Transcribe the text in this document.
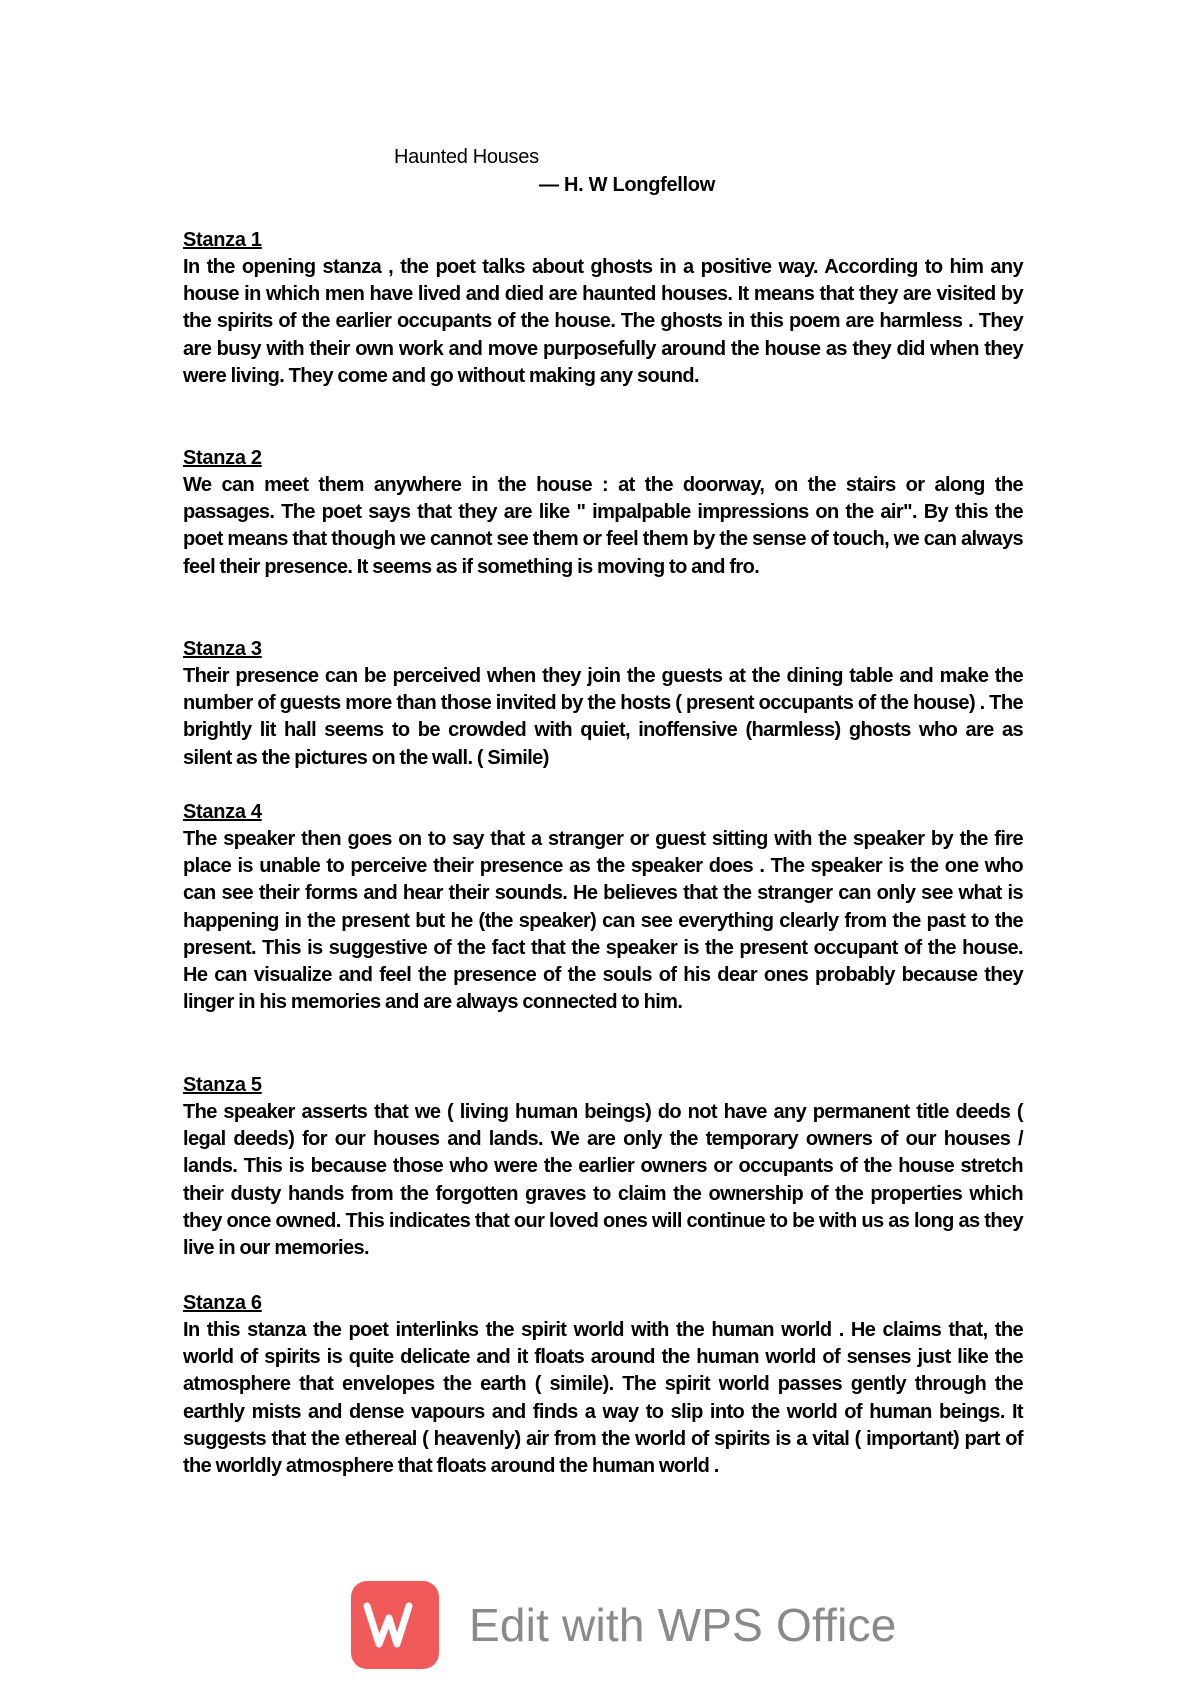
Haunted Houses
— H. W Longfellow
Stanza 1

In the opening stanza , the poet talks about ghosts in a positive way. According to him any house in which men have lived and died are haunted houses. It means that they are visited by the spirits of the earlier occupants of the house. The ghosts in this poem are harmless . They are busy with their own work and move purposefully around the house as they did when they were living. They come and go without making any sound.

Stanza 2

We can meet them anywhere in the house : at the doorway, on the stairs or along the passages. The poet says that they are like " impalpable impressions on the air". By this the poet means that though we cannot see them or feel them by the sense of touch, we can always feel their presence. It seems as if something is moving to and fro.

Stanza 3

Their presence can be perceived when they join the guests at the dining table and make the number of guests more than those invited by the hosts ( present occupants of the house) . The brightly lit hall seems to be crowded with quiet, inoffensive (harmless) ghosts who are as silent as the pictures on the wall. ( Simile)

Stanza 4

The speaker then goes on to say that a stranger or guest sitting with the speaker by the fire place is unable to perceive their presence as the speaker does . The speaker is the one who can see their forms and hear their sounds. He believes that the stranger can only see what is happening in the present but he (the speaker) can see everything clearly from the past to the present. This is suggestive of the fact that the speaker is the present occupant of the house. He can visualize and feel the presence of the souls of his dear ones probably because they linger in his memories and are always connected to him.

Stanza 5

The speaker asserts that we ( living human beings) do not have any permanent title deeds ( legal deeds) for our houses and lands. We are only the temporary owners of our houses / lands. This is because those who were the earlier owners or occupants of the house stretch their dusty hands from the forgotten graves to claim the ownership of the properties which they once owned. This indicates that our loved ones will continue to be with us as long as they live in our memories.

Stanza 6

In this stanza the poet interlinks the spirit world with the human world . He claims that, the world of spirits is quite delicate and it floats around the human world of senses just like the atmosphere that envelopes the earth ( simile). The spirit world passes gently through the earthly mists and dense vapours and finds a way to slip into the world of human beings. It suggests that the ethereal ( heavenly) air from the world of spirits is a vital ( important) part of the worldly atmosphere that floats around the human world .

Edit with WPS Office
